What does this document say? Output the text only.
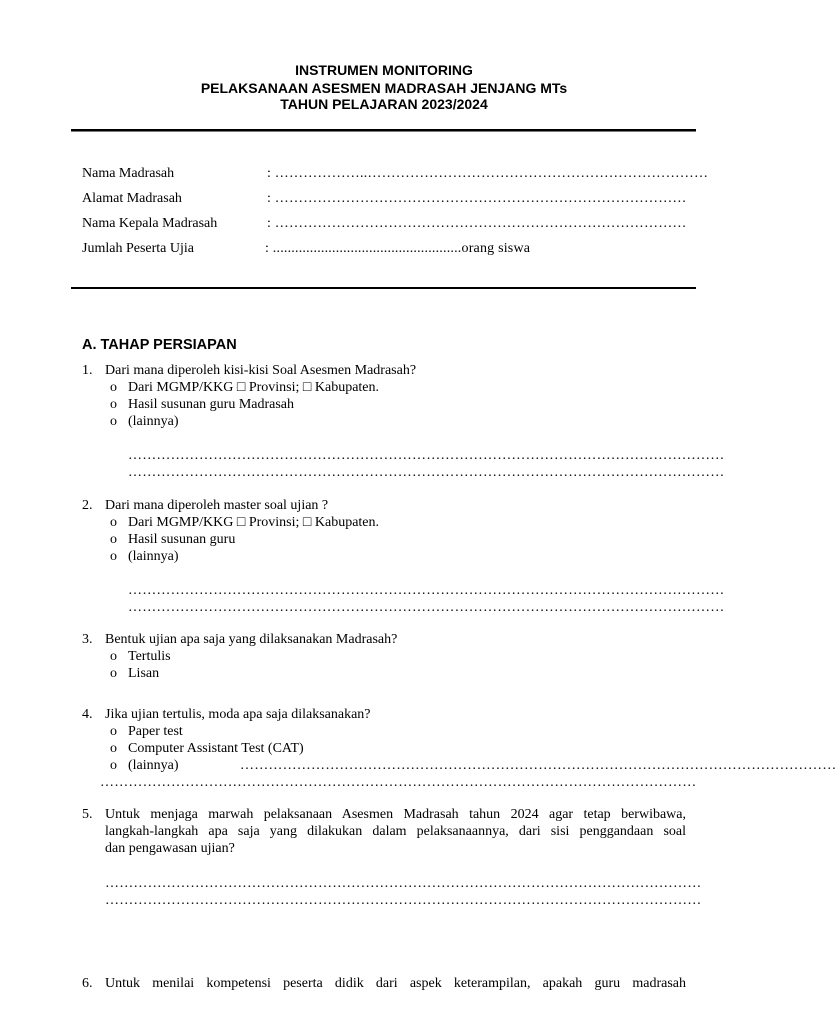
INSTRUMEN MONITORING
PELAKSANAAN ASESMEN MADRASAH JENJANG MTs
TAHUN PELAJARAN 2023/2024
Nama Madrasah	: ………………..………………………………………………………………
Alamat Madrasah	: ……………………………………………………………………………
Nama Kepala Madrasah	: ……………………………………………………………………………
Jumlah Peserta Ujia	: ...................................................orang siswa
A. TAHAP PERSIAPAN
1. Dari mana diperoleh kisi-kisi Soal Asesmen Madrasah?
o Dari MGMP/KKG □ Provinsi; □ Kabupaten.
o Hasil susunan guru Madrasah
o (lainnya)
………………………………………………………………………………………………………………
………………………………………………………………………………………………………………
2. Dari mana diperoleh master soal ujian ?
o Dari MGMP/KKG □ Provinsi; □ Kabupaten.
o Hasil susunan guru
o (lainnya)
………………………………………………………………………………………………………………
………………………………………………………………………………………………………………
3. Bentuk ujian apa saja yang dilaksanakan Madrasah?
o Tertulis
o Lisan
4. Jika ujian tertulis, moda apa saja dilaksanakan?
o Paper test
o Computer Assistant Test (CAT)
o (lainnya)	………………………………………………………………………………………………………………
………………………………………………………………………………………………………………
5. Untuk menjaga marwah pelaksanaan Asesmen Madrasah tahun 2024 agar tetap berwibawa,
langkah-langkah apa saja yang dilakukan dalam pelaksanaannya, dari sisi penggandaan soal
dan pengawasan ujian?
………………………………………………………………………………………………………………
………………………………………………………………………………………………………………
6. Untuk menilai kompetensi peserta didik dari aspek keterampilan, apakah guru madrasah
